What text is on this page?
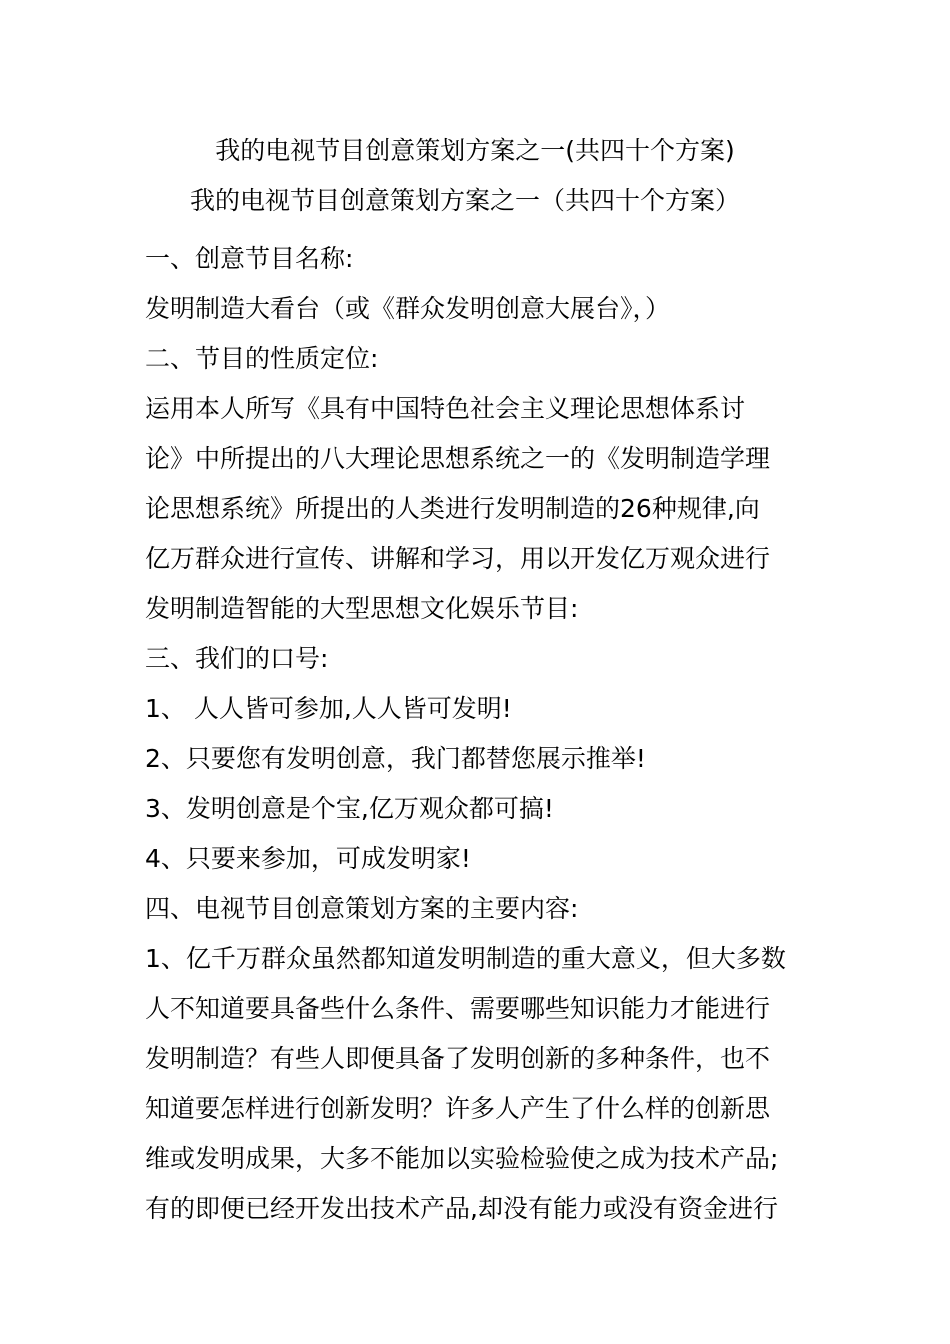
我的电视节目创意策划方案之一(共四十个方案)
我的电视节目创意策划方案之一（共四十个方案）
一、创意节目名称:
发明制造大看台（或《群众发明创意大展台》，）
二、节目的性质定位:
运用本人所写《具有中国特色社会主义理论思想体系讨
论》中所提出的八大理论思想系统之一的《发明制造学理
论思想系统》所提出的人类进行发明制造的26种规律,向
亿万群众进行宣传、讲解和学习，用以开发亿万观众进行
发明制造智能的大型思想文化娱乐节目:
三、我们的口号:
1、 人人皆可参加,人人皆可发明!
2、只要您有发明创意，我门都替您展示推举!
3、发明创意是个宝,亿万观众都可搞!
4、只要来参加，可成发明家!
四、电视节目创意策划方案的主要内容:
1、亿千万群众虽然都知道发明制造的重大意义，但大多数
人不知道要具备些什么条件、需要哪些知识能力才能进行
发明制造？有些人即便具备了发明创新的多种条件，也不
知道要怎样进行创新发明？许多人产生了什么样的创新思
维或发明成果，大多不能加以实验检验使之成为技术产品;
有的即便已经开发出技术产品,却没有能力或没有资金进行
